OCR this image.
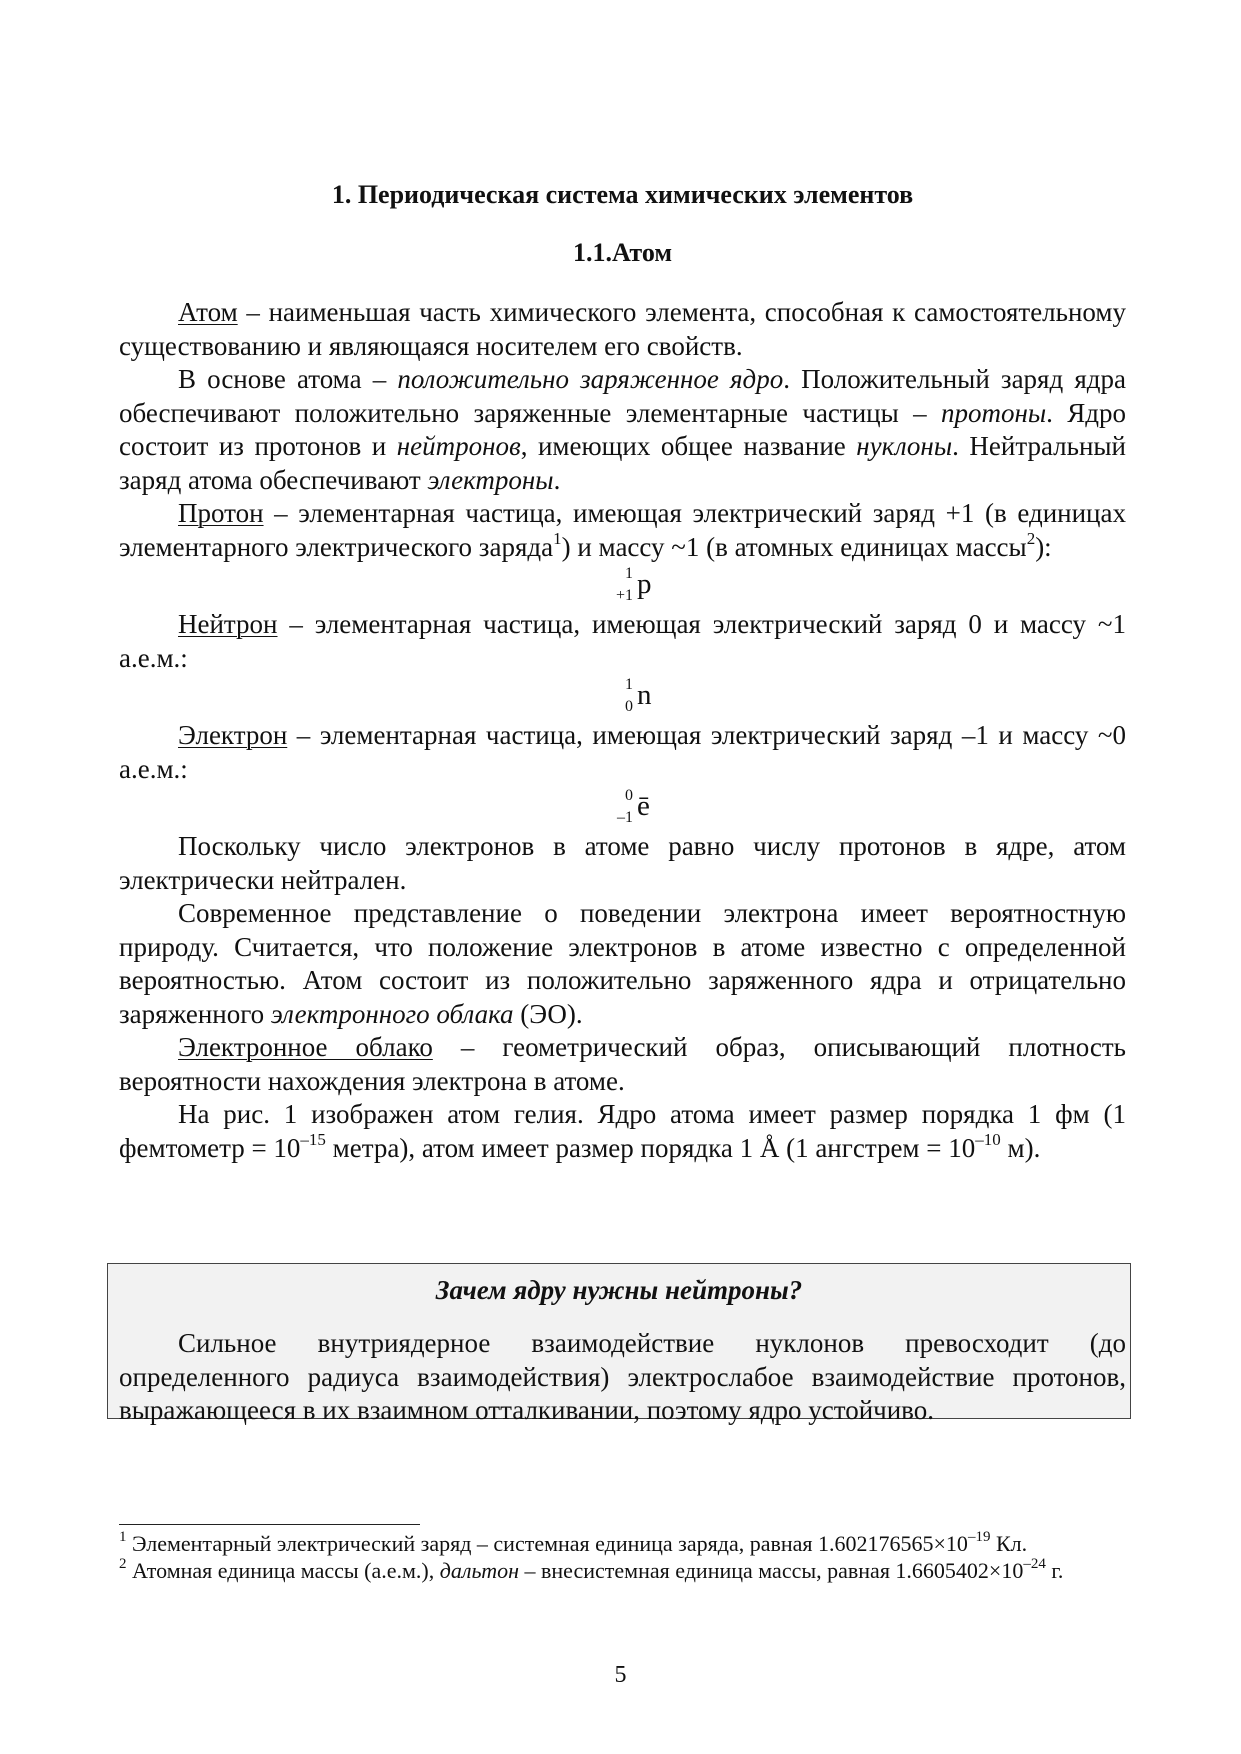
1. Периодическая система химических элементов
1.1.Атом

Атом – наименьшая часть химического элемента, способная к самостоятельному существованию и являющаяся носителем его свойств.

В основе атома – положительно заряженное ядро. Положительный заряд ядра обеспечивают положительно заряженные элементарные частицы – протоны. Ядро состоит из протонов и нейтронов, имеющих общее название нуклоны. Нейтральный заряд атома обеспечивают электроны.

Протон – элементарная частица, имеющая электрический заряд +1 (в единицах элементарного электрического заряда$^1$) и массу ~1 (в атомных единицах массы$^2$):

1
+1 p

Нейтрон – элементарная частица, имеющая электрический заряд 0 и массу ~1 а.е.м.:

1
0 n

Электрон – элементарная частица, имеющая электрический заряд –1 и массу ~0 а.е.м.:

0
–1 ē

Поскольку число электронов в атоме равно числу протонов в ядре, атом электрически нейтрален.

Современное представление о поведении электрона имеет вероятностную природу. Считается, что положение электронов в атоме известно с определенной вероятностью. Атом состоит из положительно заряженного ядра и отрицательно заряженного электронного облака (ЭО).

Электронное облако – геометрический образ, описывающий плотность вероятности нахождения электрона в атоме.

На рис. 1 изображен атом гелия. Ядро атома имеет размер порядка 1 фм (1 фемтометр = $10^{-15}$ метра), атом имеет размер порядка 1 Å (1 ангстрем = $10^{-10}$ м).

Зачем ядру нужны нейтроны?

Сильное внутриядерное взаимодействие нуклонов превосходит (до определенного радиуса взаимодействия) электрослабое взаимодействие протонов, выражающееся в их взаимном отталкивании, поэтому ядро устойчиво.

$^1$ Элементарный электрический заряд – системная единица заряда, равная $1.602176565\times 10^{-19}$ Кл.

$^2$ Атомная единица массы (а.е.м.), дальтон – внесистемная единица массы, равная $1.6605402\times 10^{-24}$ г.

5
